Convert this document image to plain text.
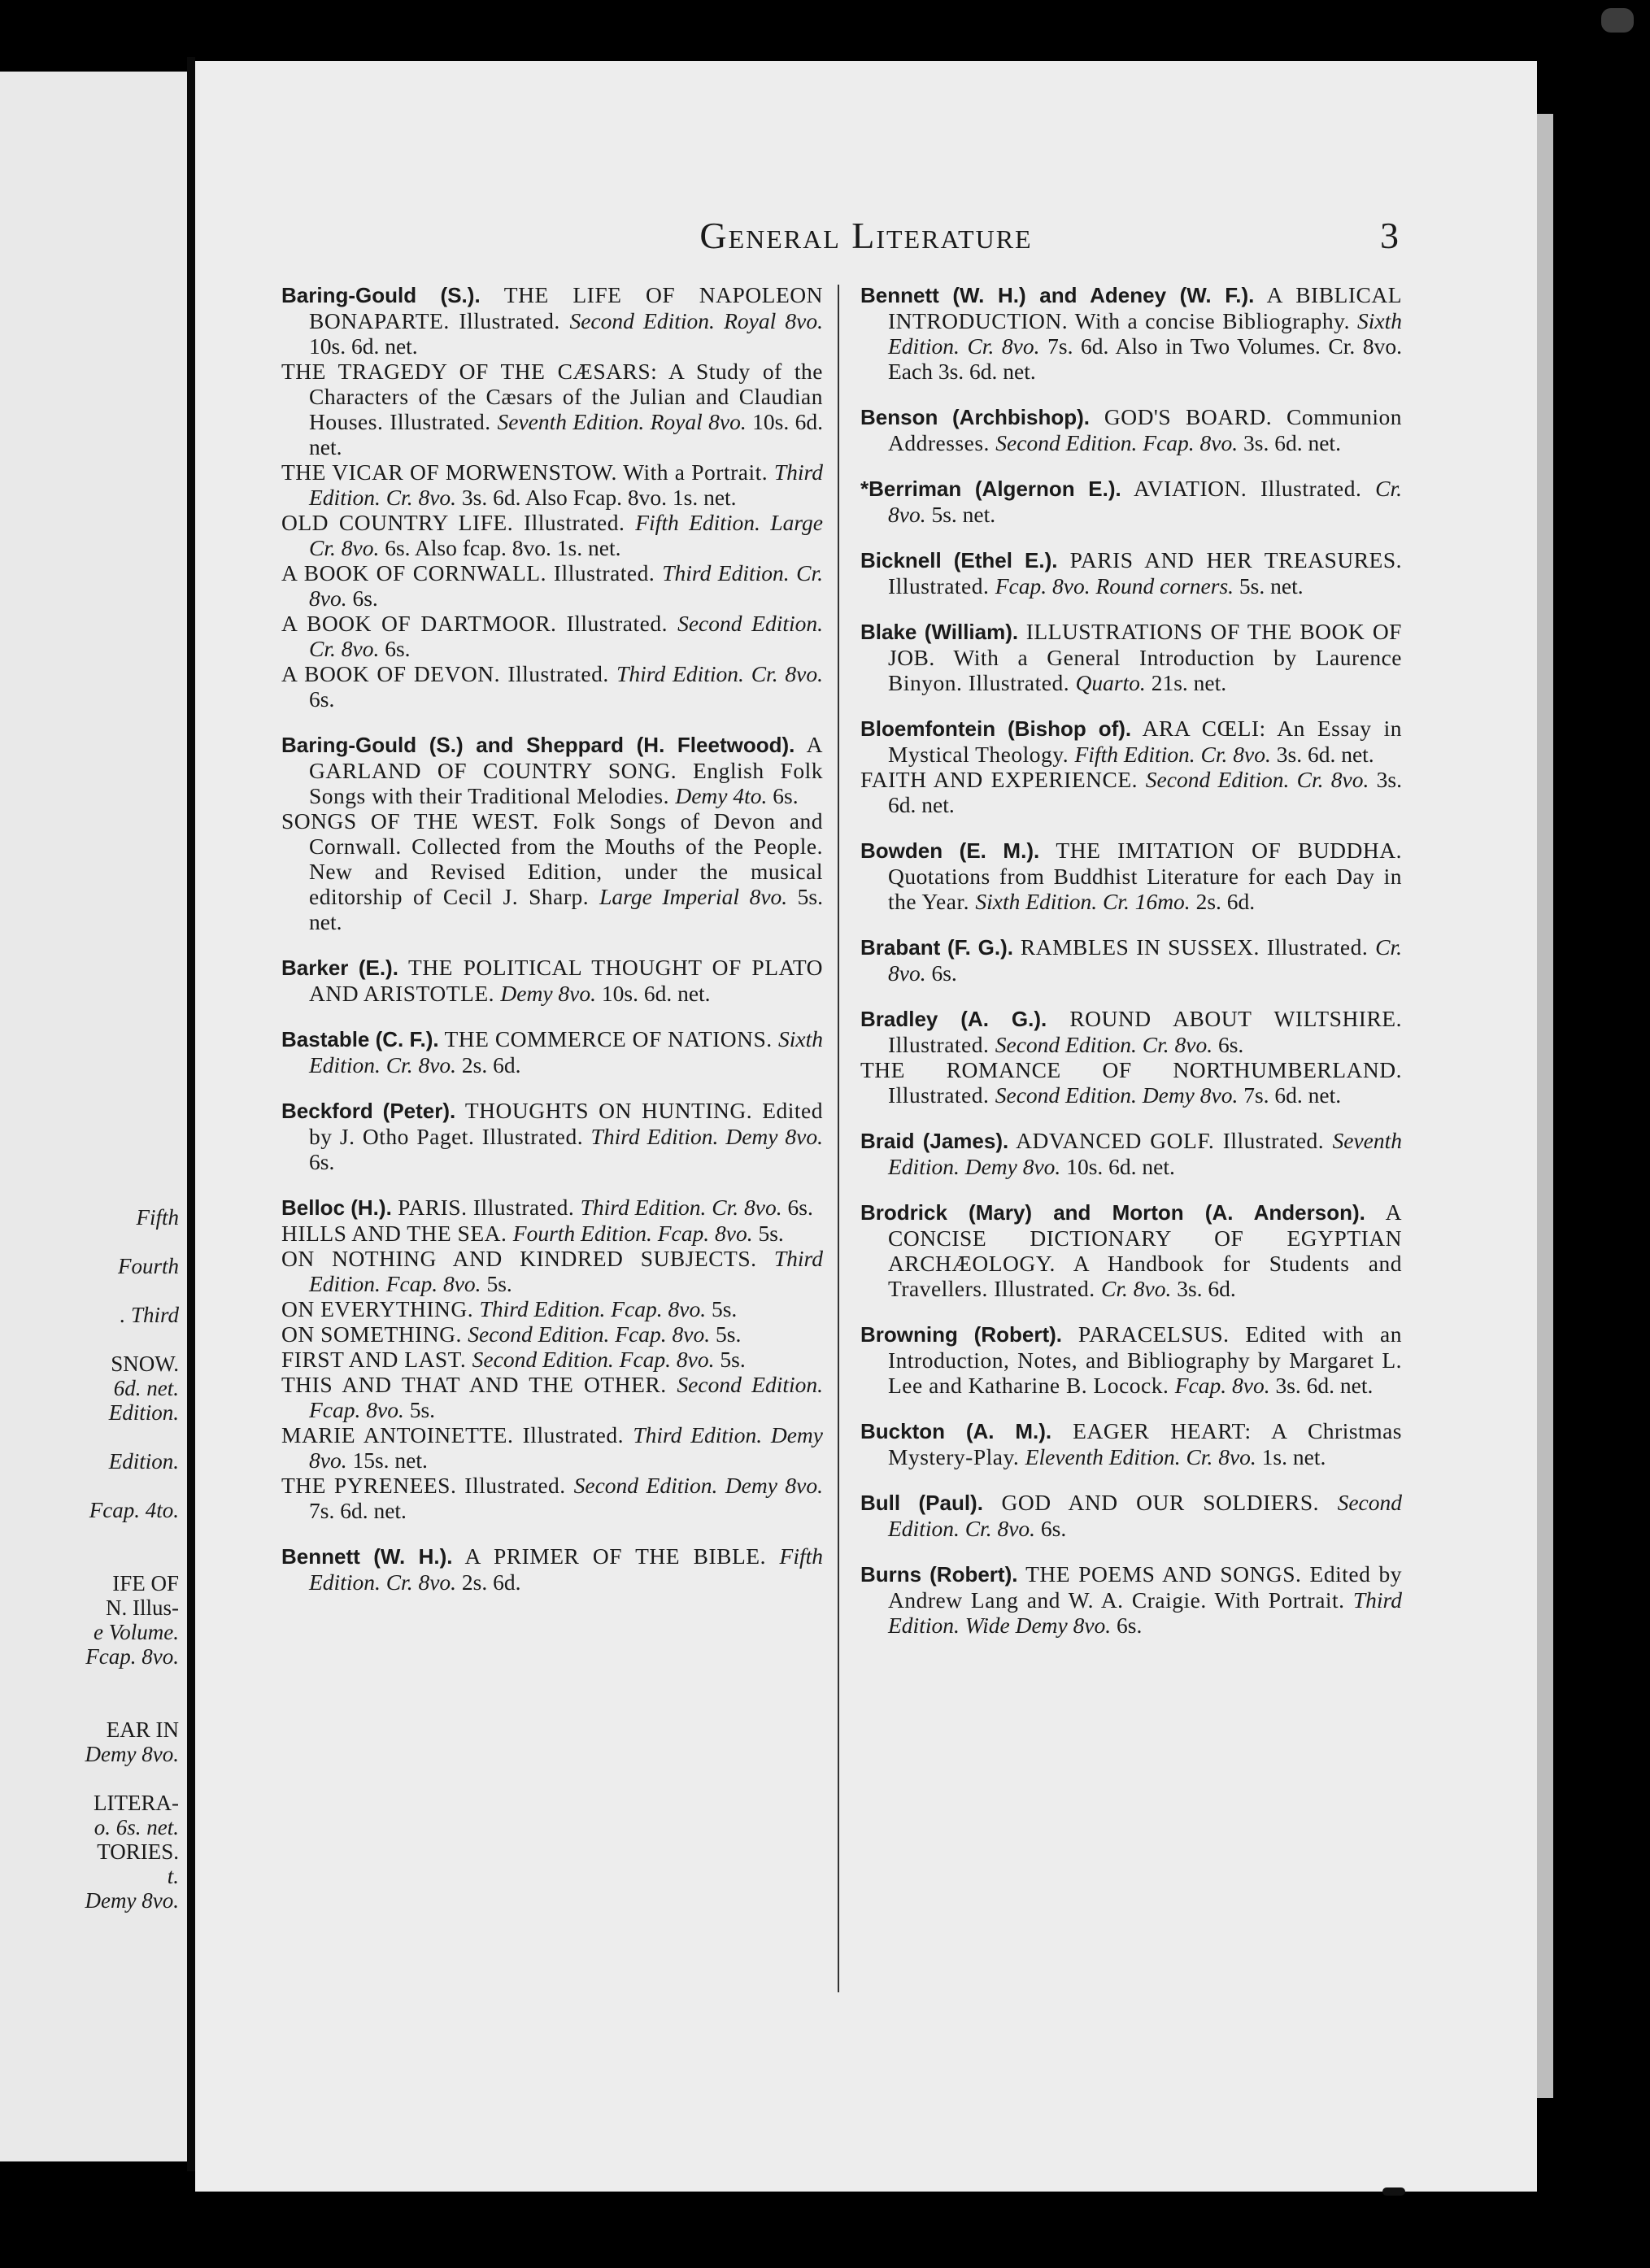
Fifth
Fourth
. Third
SNOW.
6d. net.
Edition.
Edition.
Fcap. 4to.
IFE OF
N. Illus-
e Volume.
Fcap. 8vo.
EAR IN
Demy 8vo.
LITERA-
o. 6s. net.
TORIES.
t.
Demy 8vo.
General Literature	3
Baring-Gould (S.). THE LIFE OF NAPOLEON BONAPARTE. Illustrated. Second Edition. Royal 8vo. 10s. 6d. net.
THE TRAGEDY OF THE CÆSARS: A Study of the Characters of the Cæsars of the Julian and Claudian Houses. Illustrated. Seventh Edition. Royal 8vo. 10s. 6d. net.
THE VICAR OF MORWENSTOW. With a Portrait. Third Edition. Cr. 8vo. 3s. 6d. Also Fcap. 8vo. 1s. net.
OLD COUNTRY LIFE. Illustrated. Fifth Edition. Large Cr. 8vo. 6s. Also fcap. 8vo. 1s. net.
A BOOK OF CORNWALL. Illustrated. Third Edition. Cr. 8vo. 6s.
A BOOK OF DARTMOOR. Illustrated. Second Edition. Cr. 8vo. 6s.
A BOOK OF DEVON. Illustrated. Third Edition. Cr. 8vo. 6s.
Baring-Gould (S.) and Sheppard (H. Fleetwood). A GARLAND OF COUNTRY SONG. English Folk Songs with their Traditional Melodies. Demy 4to. 6s.
SONGS OF THE WEST. Folk Songs of Devon and Cornwall. Collected from the Mouths of the People. New and Revised Edition, under the musical editorship of Cecil J. Sharp. Large Imperial 8vo. 5s. net.
Barker (E.). THE POLITICAL THOUGHT OF PLATO AND ARISTOTLE. Demy 8vo. 10s. 6d. net.
Bastable (C. F.). THE COMMERCE OF NATIONS. Sixth Edition. Cr. 8vo. 2s. 6d.
Beckford (Peter). THOUGHTS ON HUNTING. Edited by J. Otho Paget. Illustrated. Third Edition. Demy 8vo. 6s.
Belloc (H.). PARIS. Illustrated. Third Edition. Cr. 8vo. 6s.
HILLS AND THE SEA. Fourth Edition. Fcap. 8vo. 5s.
ON NOTHING AND KINDRED SUBJECTS. Third Edition. Fcap. 8vo. 5s.
ON EVERYTHING. Third Edition. Fcap. 8vo. 5s.
ON SOMETHING. Second Edition. Fcap. 8vo. 5s.
FIRST AND LAST. Second Edition. Fcap. 8vo. 5s.
THIS AND THAT AND THE OTHER. Second Edition. Fcap. 8vo. 5s.
MARIE ANTOINETTE. Illustrated. Third Edition. Demy 8vo. 15s. net.
THE PYRENEES. Illustrated. Second Edition. Demy 8vo. 7s. 6d. net.
Bennett (W. H.). A PRIMER OF THE BIBLE. Fifth Edition. Cr. 8vo. 2s. 6d.
Bennett (W. H.) and Adeney (W. F.). A BIBLICAL INTRODUCTION. With a concise Bibliography. Sixth Edition. Cr. 8vo. 7s. 6d. Also in Two Volumes. Cr. 8vo. Each 3s. 6d. net.
Benson (Archbishop). GOD'S BOARD. Communion Addresses. Second Edition. Fcap. 8vo. 3s. 6d. net.
*Berriman (Algernon E.). AVIATION. Illustrated. Cr. 8vo. 5s. net.
Bicknell (Ethel E.). PARIS AND HER TREASURES. Illustrated. Fcap. 8vo. Round corners. 5s. net.
Blake (William). ILLUSTRATIONS OF THE BOOK OF JOB. With a General Introduction by Laurence Binyon. Illustrated. Quarto. 21s. net.
Bloemfontein (Bishop of). ARA CŒLI: An Essay in Mystical Theology. Fifth Edition. Cr. 8vo. 3s. 6d. net.
FAITH AND EXPERIENCE. Second Edition. Cr. 8vo. 3s. 6d. net.
Bowden (E. M.). THE IMITATION OF BUDDHA. Quotations from Buddhist Literature for each Day in the Year. Sixth Edition. Cr. 16mo. 2s. 6d.
Brabant (F. G.). RAMBLES IN SUSSEX. Illustrated. Cr. 8vo. 6s.
Bradley (A. G.). ROUND ABOUT WILTSHIRE. Illustrated. Second Edition. Cr. 8vo. 6s.
THE ROMANCE OF NORTHUMBERLAND. Illustrated. Second Edition. Demy 8vo. 7s. 6d. net.
Braid (James). ADVANCED GOLF. Illustrated. Seventh Edition. Demy 8vo. 10s. 6d. net.
Brodrick (Mary) and Morton (A. Anderson). A CONCISE DICTIONARY OF EGYPTIAN ARCHÆOLOGY. A Handbook for Students and Travellers. Illustrated. Cr. 8vo. 3s. 6d.
Browning (Robert). PARACELSUS. Edited with an Introduction, Notes, and Bibliography by Margaret L. Lee and Katharine B. Locock. Fcap. 8vo. 3s. 6d. net.
Buckton (A. M.). EAGER HEART: A Christmas Mystery-Play. Eleventh Edition. Cr. 8vo. 1s. net.
Bull (Paul). GOD AND OUR SOLDIERS. Second Edition. Cr. 8vo. 6s.
Burns (Robert). THE POEMS AND SONGS. Edited by Andrew Lang and W. A. Craigie. With Portrait. Third Edition. Wide Demy 8vo. 6s.
